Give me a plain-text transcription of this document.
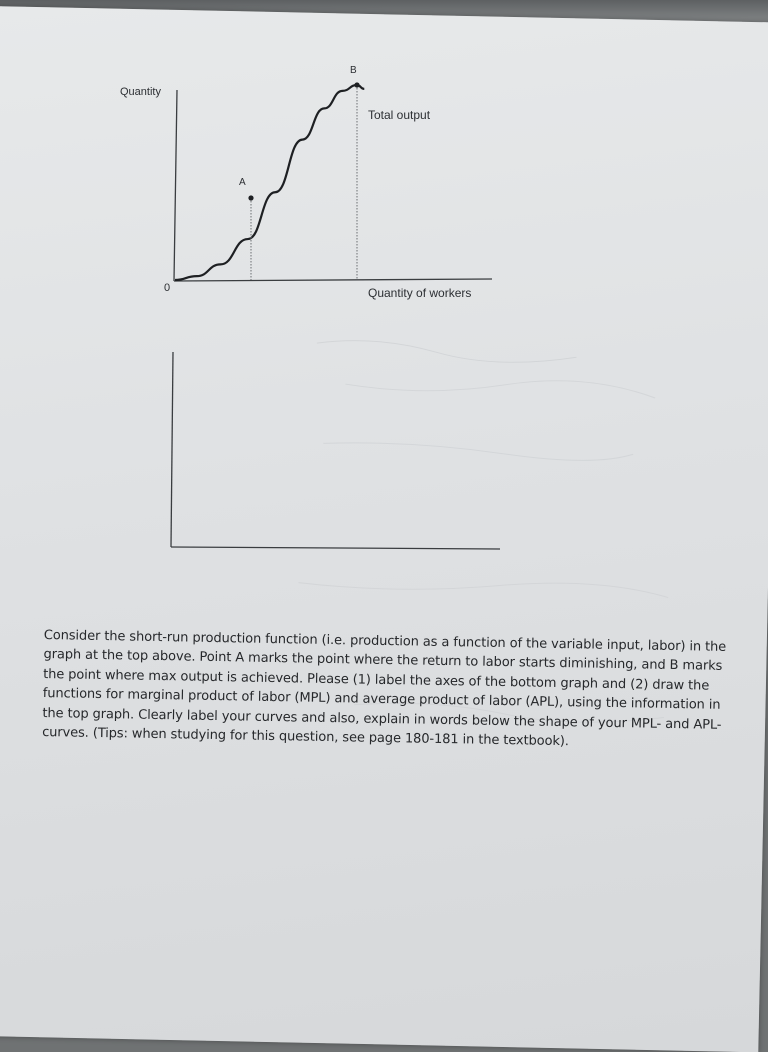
Quantity

Total output

Quantity of workers

0

A

B

Consider the short-run production function (i.e. production as a function of the variable input, labor) in the graph at the top above. Point A marks the point where the return to labor starts diminishing, and B marks the point where max output is achieved. Please (1) label the axes of the bottom graph and (2) draw the functions for marginal product of labor (MPL) and average product of labor (APL), using the information in the top graph. Clearly label your curves and also, explain in words below the shape of your MPL- and APL-curves. (Tips: when studying for this question, see page 180-181 in the textbook).
